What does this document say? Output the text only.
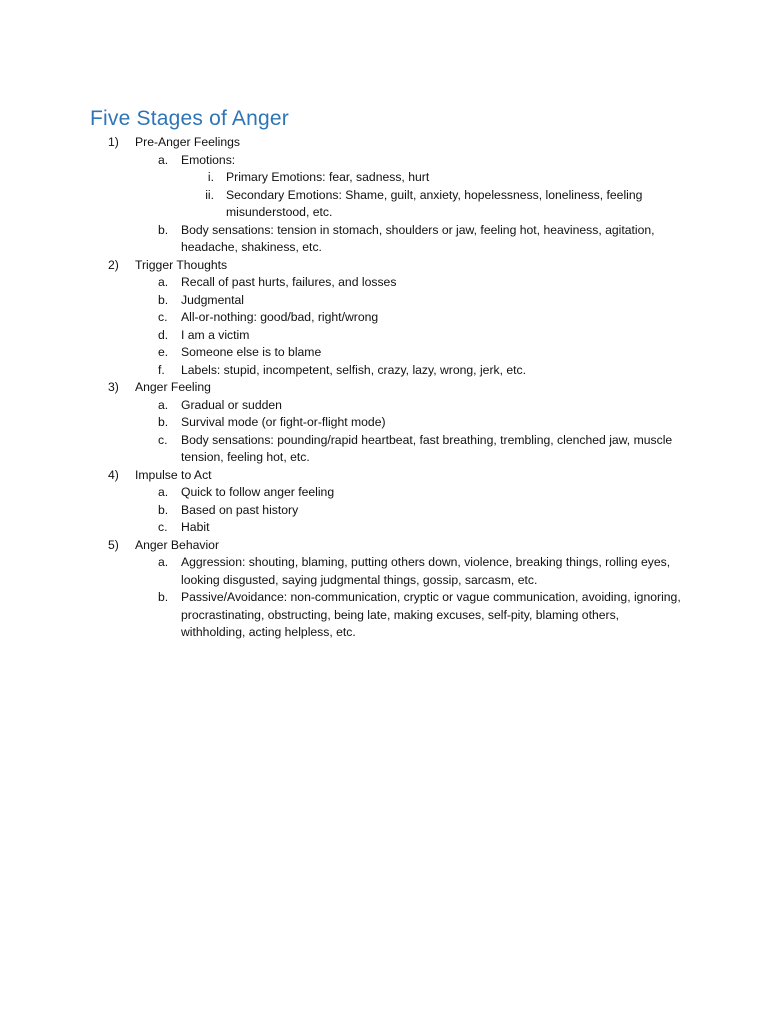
Five Stages of Anger
1)	Pre-Anger Feelings
a.	Emotions:
i. Primary Emotions: fear, sadness, hurt
ii. Secondary Emotions: Shame, guilt, anxiety, hopelessness, loneliness, feeling misunderstood, etc.
b.	Body sensations: tension in stomach, shoulders or jaw, feeling hot, heaviness, agitation, headache, shakiness, etc.
2)	Trigger Thoughts
a.	Recall of past hurts, failures, and losses
b.	Judgmental
c.	All-or-nothing: good/bad, right/wrong
d.	I am a victim
e.	Someone else is to blame
f.	Labels: stupid, incompetent, selfish, crazy, lazy, wrong, jerk, etc.
3)	Anger Feeling
a.	Gradual or sudden
b.	Survival mode (or fight-or-flight mode)
c.	Body sensations: pounding/rapid heartbeat, fast breathing, trembling, clenched jaw, muscle tension, feeling hot, etc.
4)	Impulse to Act
a.	Quick to follow anger feeling
b.	Based on past history
c.	Habit
5)	Anger Behavior
a.	Aggression: shouting, blaming, putting others down, violence, breaking things, rolling eyes, looking disgusted, saying judgmental things, gossip, sarcasm, etc.
b.	Passive/Avoidance: non-communication, cryptic or vague communication, avoiding, ignoring, procrastinating, obstructing, being late, making excuses, self-pity, blaming others, withholding, acting helpless, etc.
